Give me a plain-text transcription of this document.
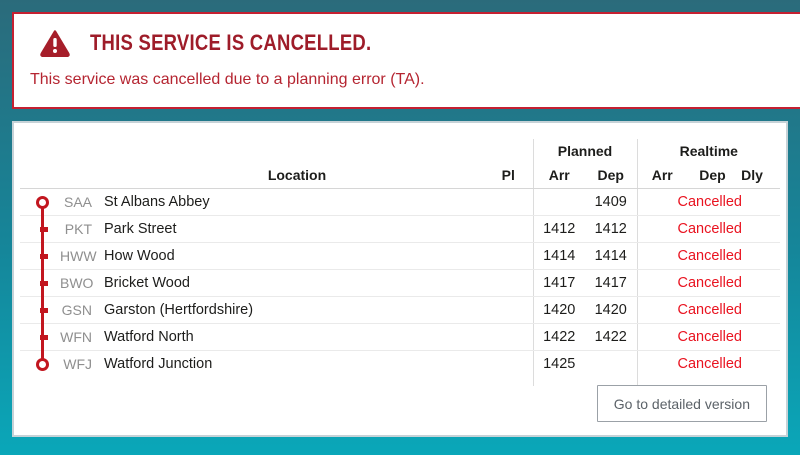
THIS SERVICE IS CANCELLED.
This service was cancelled due to a planning error (TA).
				Planned		Realtime		
		Location	Pl	Arr	Dep	Arr	Dep	Dly

	SAA	St Albans Abbey			1409	Cancelled		

	PKT	Park Street		1412	1412	Cancelled		

	HWW	How Wood		1414	1414	Cancelled		

	BWO	Bricket Wood		1417	1417	Cancelled		

	GSN	Garston (Hertfordshire)		1420	1420	Cancelled		

	WFN	Watford North		1422	1422	Cancelled		

	WFJ	Watford Junction		1425		Cancelled		

Go to detailed version
